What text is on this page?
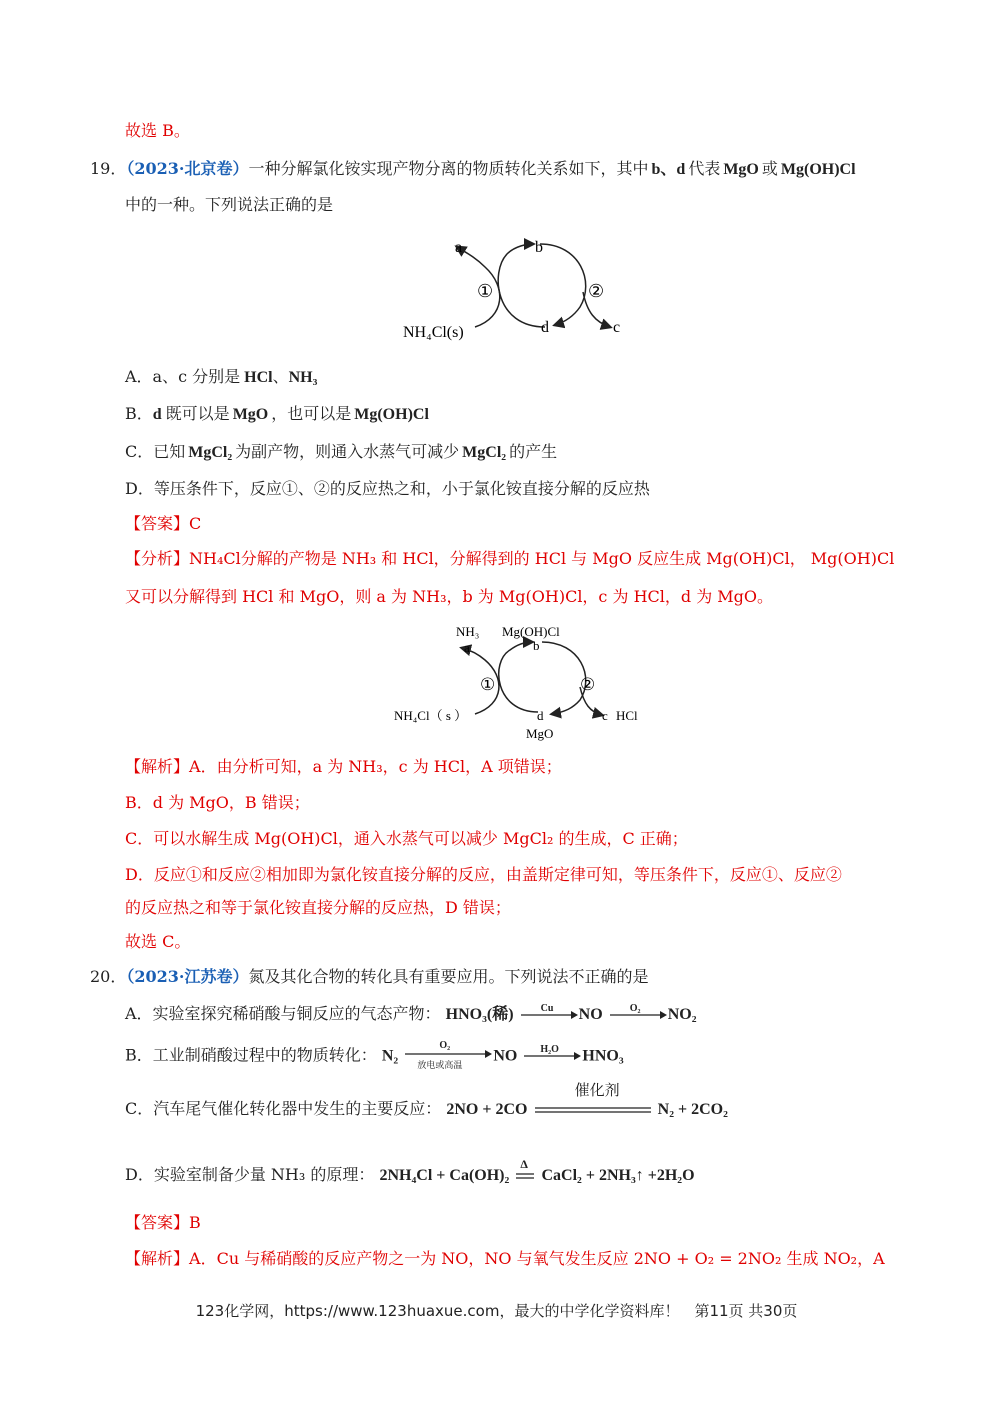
故选 B。
19．（2023·北京卷）一种分解氯化铵实现产物分离的物质转化关系如下，其中 b、d 代表 MgO 或 Mg(OH)Cl
中的一种。下列说法正确的是
a	b
①	②
d	c
NH₄Cl(s)
A．a、c 分别是 HCl、NH₃
B．d 既可以是 MgO ，也可以是 Mg(OH)Cl
C．已知 MgCl₂ 为副产物，则通入水蒸气可减少 MgCl₂ 的产生
D．等压条件下，反应①、②的反应热之和，小于氯化铵直接分解的反应热
【答案】C
【分析】NH₄Cl分解的产物是 NH₃ 和 HCl，分解得到的 HCl 与 MgO 反应生成 Mg(OH)Cl， Mg(OH)Cl
又可以分解得到 HCl 和 MgO，则 a 为 NH₃，b 为 Mg(OH)Cl，c 为 HCl，d 为 MgO。
NH₃
a
Mg(OH)Cl
b
①	②
NH₄Cl（ s ）	d
MgO
c HCl
【解析】A．由分析可知，a 为 NH₃，c 为 HCl，A 项错误；
B．d 为 MgO，B 错误；
C．可以水解生成 Mg(OH)Cl，通入水蒸气可以减少 MgCl₂ 的生成，C 正确；
D．反应①和反应②相加即为氯化铵直接分解的反应，由盖斯定律可知，等压条件下，反应①、反应②
的反应热之和等于氯化铵直接分解的反应热，D 错误；
故选 C。
20．（2023·江苏卷）氮及其化合物的转化具有重要应用。下列说法不正确的是
A．实验室探究稀硝酸与铜反应的气态产物： HNO₃(稀)	Cu NO	O₂ NO₂
B．工业制硝酸过程中的物质转化： N₂
O₂
放电或高温
NO H₂O HNO₃
C．汽车尾气催化转化器中发生的主要反应： 2NO + 2CO
催化剂
N₂ + 2CO₂
D．实验室制备少量 NH₃ 的原理： 2NH₄Cl + Ca(OH)₂
Δ
CaCl₂ + 2NH₃↑ +2H₂O
【答案】B
【解析】A．Cu 与稀硝酸的反应产物之一为 NO，NO 与氧气发生反应 2NO + O₂ = 2NO₂ 生成 NO₂，A
123化学网，https://www.123huaxue.com，最大的中学化学资料库！　第11页 共30页
